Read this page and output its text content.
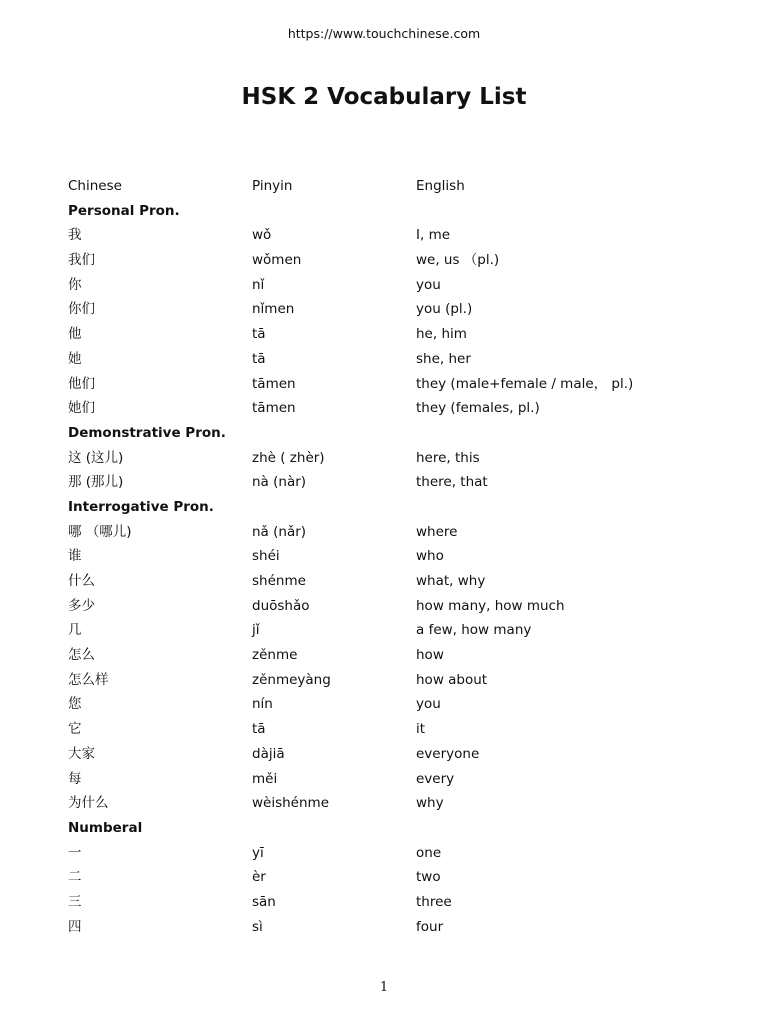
https://www.touchchinese.com
HSK 2 Vocabulary List
Chinese	Pinyin	English
Personal Pron.
我	wǒ	I, me
我们	wǒmen	we, us （pl.)
你	nǐ	you
你们	nǐmen	you (pl.)
他	tā	he, him
她	tā	she, her
他们	tāmen	they (male+female / male， pl.)
她们	tāmen	they (females, pl.)
Demonstrative Pron.
这 (这儿)	zhè ( zhèr)	here, this
那 (那儿)	nà (nàr)	there, that
Interrogative Pron.
哪 （哪儿)	nǎ (nǎr)	where
谁	shéi	who
什么	shénme	what, why
多少	duōshǎo	how many, how much
几	jǐ	a few, how many
怎么	zěnme	how
怎么样	zěnmeyàng	how about
您	nín	you
它	tā	it
大家	dàjiā	everyone
每	měi	every
为什么	wèishénme	why
Numberal
一	yī	one
二	èr	two
三	sān	three
四	sì	four
1
